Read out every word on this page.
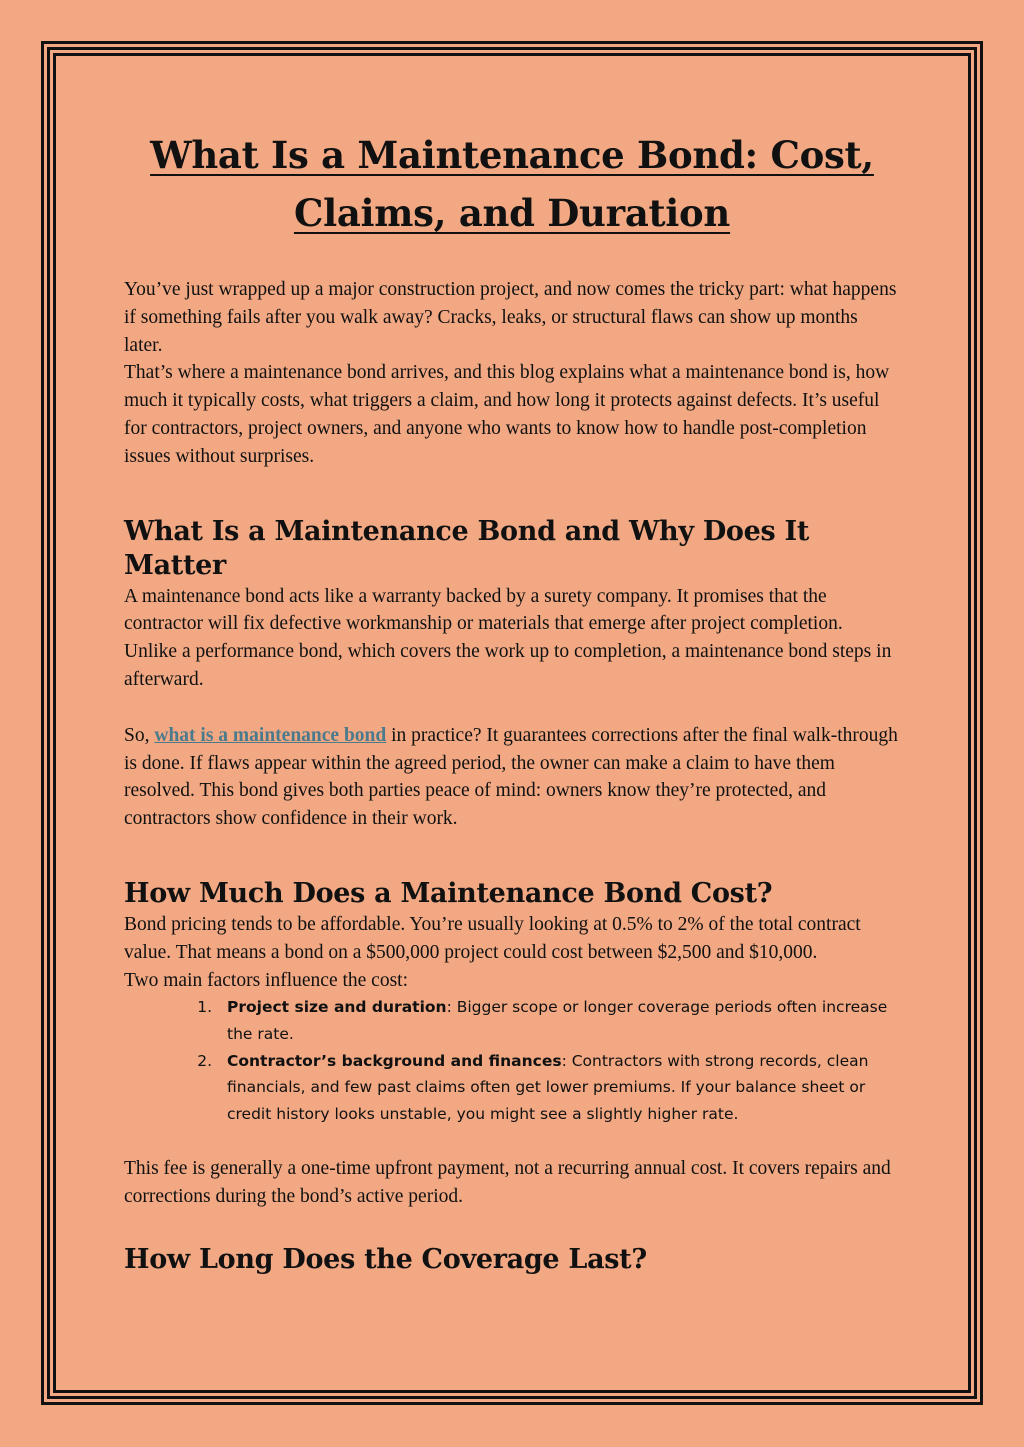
What Is a Maintenance Bond: Cost, Claims, and Duration

You’ve just wrapped up a major construction project, and now comes the tricky part: what happens if something fails after you walk away? Cracks, leaks, or structural flaws can show up months later.

That’s where a maintenance bond arrives, and this blog explains what a maintenance bond is, how much it typically costs, what triggers a claim, and how long it protects against defects. It’s useful for contractors, project owners, and anyone who wants to know how to handle post-completion issues without surprises.

What Is a Maintenance Bond and Why Does It Matter

A maintenance bond acts like a warranty backed by a surety company. It promises that the contractor will fix defective workmanship or materials that emerge after project completion. Unlike a performance bond, which covers the work up to completion, a maintenance bond steps in afterward.

So, what is a maintenance bond in practice? It guarantees corrections after the final walk-through is done. If flaws appear within the agreed period, the owner can make a claim to have them resolved. This bond gives both parties peace of mind: owners know they’re protected, and contractors show confidence in their work.

How Much Does a Maintenance Bond Cost?

Bond pricing tends to be affordable. You’re usually looking at 0.5% to 2% of the total contract value. That means a bond on a $500,000 project could cost between $2,500 and $10,000.

Two main factors influence the cost:

1. Project size and duration: Bigger scope or longer coverage periods often increase the rate.
2. Contractor’s background and finances: Contractors with strong records, clean financials, and few past claims often get lower premiums. If your balance sheet or credit history looks unstable, you might see a slightly higher rate.

This fee is generally a one-time upfront payment, not a recurring annual cost. It covers repairs and corrections during the bond’s active period.

How Long Does the Coverage Last?
